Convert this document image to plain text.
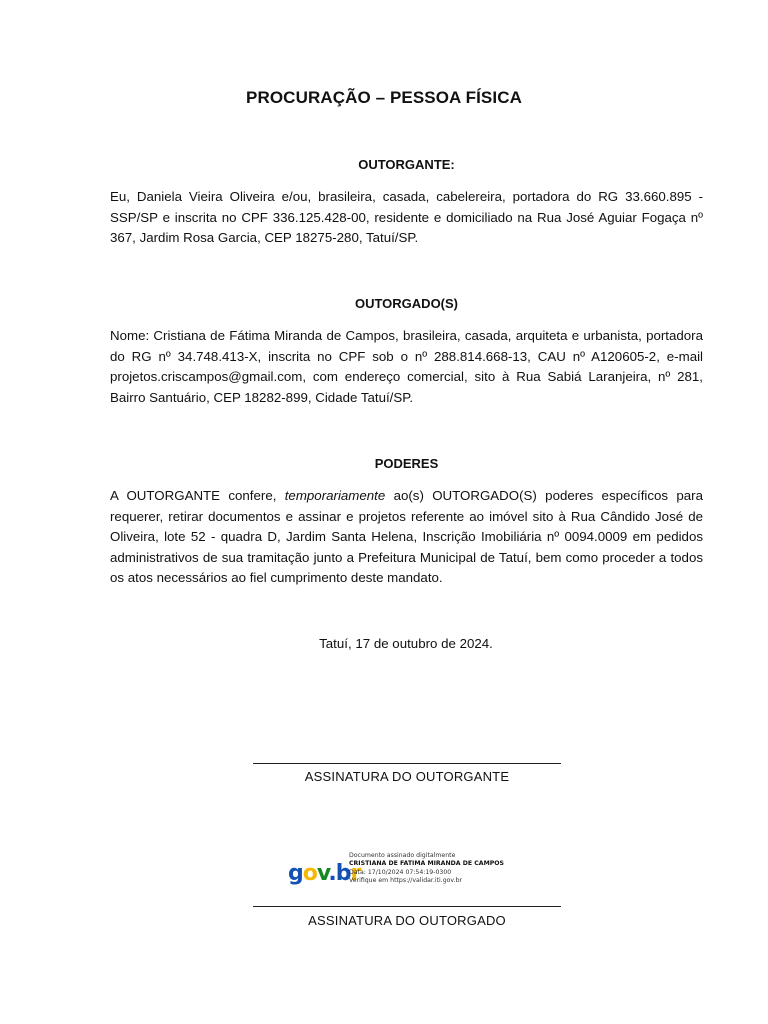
PROCURAÇÃO – PESSOA FÍSICA
OUTORGANTE:
Eu, Daniela Vieira Oliveira e/ou, brasileira, casada, cabelereira, portadora do RG 33.660.895 - SSP/SP e inscrita no CPF 336.125.428-00, residente e domiciliado na Rua José Aguiar Fogaça nº 367, Jardim Rosa Garcia, CEP 18275-280, Tatuí/SP.
OUTORGADO(S)
Nome: Cristiana de Fátima Miranda de Campos, brasileira, casada, arquiteta e urbanista, portadora do RG nº 34.748.413-X, inscrita no CPF sob o nº 288.814.668-13, CAU nº A120605-2, e-mail projetos.criscampos@gmail.com, com endereço comercial, sito à Rua Sabiá Laranjeira, nº 281, Bairro Santuário, CEP 18282-899, Cidade Tatuí/SP.
PODERES
A OUTORGANTE confere, temporariamente ao(s) OUTORGADO(S) poderes específicos para requerer, retirar documentos e assinar e projetos referente ao imóvel sito à Rua Cândido José de Oliveira, lote 52 - quadra D, Jardim Santa Helena, Inscrição Imobiliária nº 0094.0009 em pedidos administrativos de sua tramitação junto a Prefeitura Municipal de Tatuí, bem como proceder a todos os atos necessários ao fiel cumprimento deste mandato.
Tatuí, 17 de outubro de 2024.
ASSINATURA DO OUTORGANTE
gov.br
Documento assinado digitalmente
CRISTIANA DE FATIMA MIRANDA DE CAMPOS
Data: 17/10/2024 07:54:19-0300
Verifique em https://validar.iti.gov.br
ASSINATURA DO OUTORGADO
